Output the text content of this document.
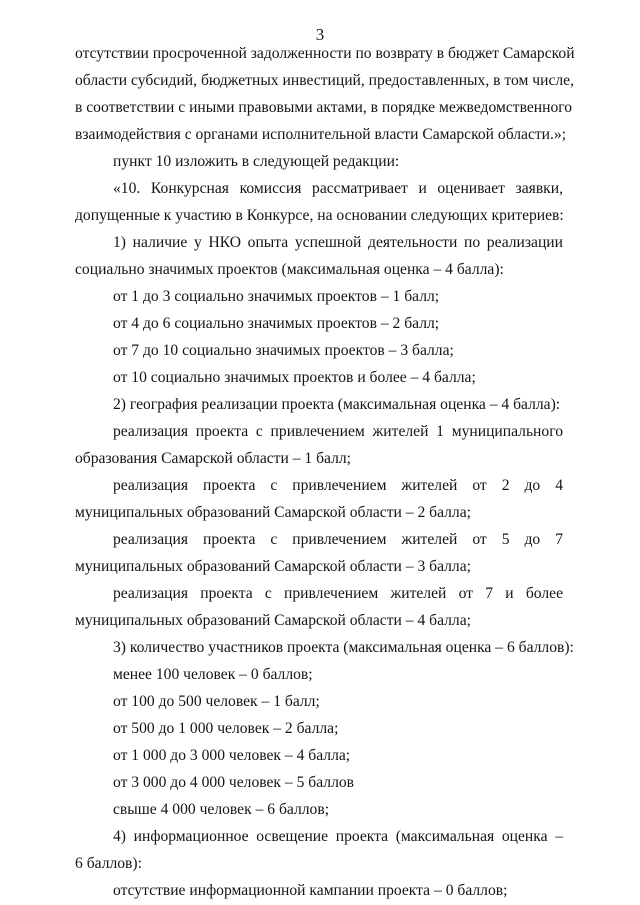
3
отсутствии просроченной задолженности по возврату в бюджет Самарской
области субсидий, бюджетных инвестиций, предоставленных, в том числе,
в соответствии с иными правовыми актами, в порядке межведомственного
взаимодействия с органами исполнительной власти Самарской области.»;
пункт 10 изложить в следующей редакции:
«10. Конкурсная комиссия рассматривает и оценивает заявки,
допущенные к участию в Конкурсе, на основании следующих критериев:
1) наличие у НКО опыта успешной деятельности по реализации
социально значимых проектов (максимальная оценка – 4 балла):
от 1 до 3 социально значимых проектов – 1 балл;
от 4 до 6 социально значимых проектов – 2 балл;
от 7 до 10 социально значимых проектов – 3 балла;
от 10 социально значимых проектов и более – 4 балла;
2) география реализации проекта (максимальная оценка – 4 балла):
реализация проекта с привлечением жителей 1 муниципального
образования Самарской области – 1 балл;
реализация проекта с привлечением жителей от 2 до 4
муниципальных образований Самарской области – 2 балла;
реализация проекта с привлечением жителей от 5 до 7
муниципальных образований Самарской области – 3 балла;
реализация проекта с привлечением жителей от 7 и более
муниципальных образований Самарской области – 4 балла;
3) количество участников проекта (максимальная оценка – 6 баллов):
менее 100 человек – 0 баллов;
от 100 до 500 человек – 1 балл;
от 500 до 1 000 человек – 2 балла;
от 1 000 до 3 000 человек – 4 балла;
от 3 000 до 4 000 человек – 5 баллов
свыше 4 000 человек – 6 баллов;
4) информационное освещение проекта (максимальная оценка –
6 баллов):
отсутствие информационной кампании проекта – 0 баллов;
